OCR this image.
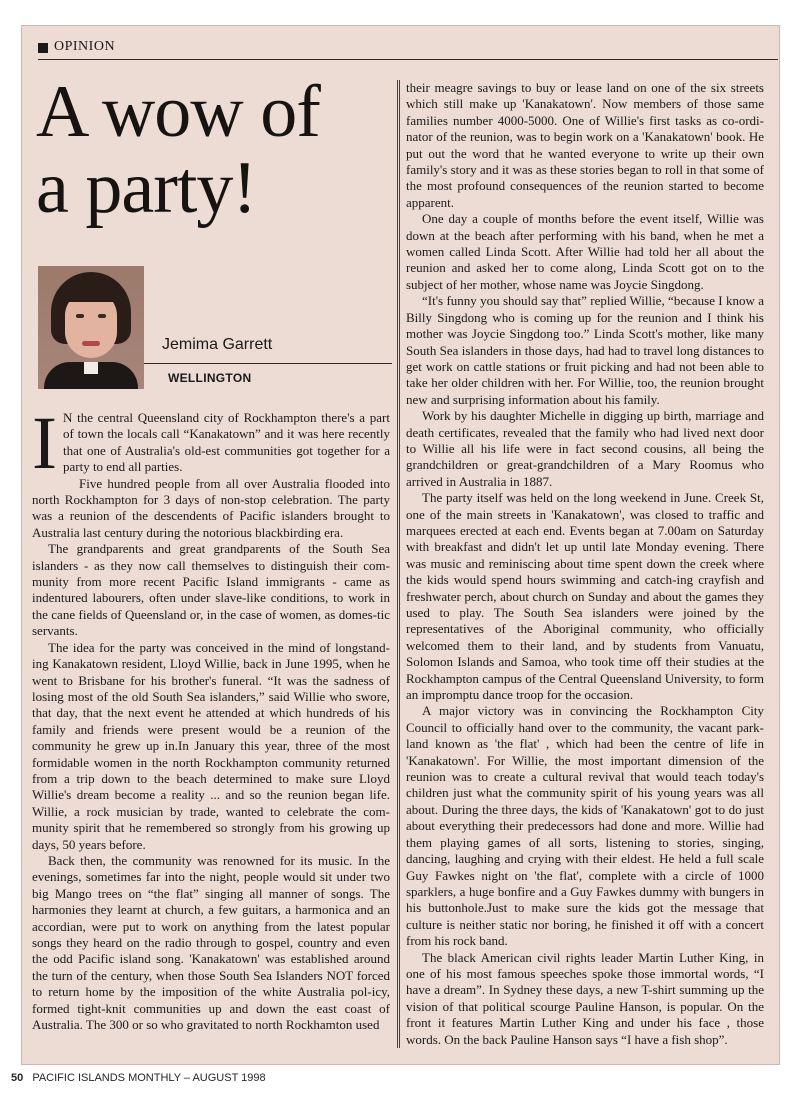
OPINION
A wow of
a party!
Jemima Garrett
WELLINGTON

I N the central Queensland city of Rockhampton there's a part of town the locals call “Kanakatown” and it was here recently that one of Australia's old-est communities got together for a party to end all parties.

Five hundred people from all over Australia flooded into north Rockhampton for 3 days of non-stop celebration. The party was a reunion of the descendents of Pacific islanders brought to Australia last century during the notorious blackbirding era.

The grandparents and great grandparents of the South Sea islanders - as they now call themselves to distinguish their com-munity from more recent Pacific Island immigrants - came as indentured labourers, often under slave-like conditions, to work in the cane fields of Queensland or, in the case of women, as domes-tic servants.

The idea for the party was conceived in the mind of longstand-ing Kanakatown resident, Lloyd Willie, back in June 1995, when he went to Brisbane for his brother's funeral. “It was the sadness of losing most of the old South Sea islanders,” said Willie who swore, that day, that the next event he attended at which hundreds of his family and friends were present would be a reunion of the community he grew up in.In January this year, three of the most formidable women in the north Rockhampton community returned from a trip down to the beach determined to make sure Lloyd Willie's dream become a reality ... and so the reunion began life. Willie, a rock musician by trade, wanted to celebrate the com-munity spirit that he remembered so strongly from his growing up days, 50 years before.

Back then, the community was renowned for its music. In the evenings, sometimes far into the night, people would sit under two big Mango trees on “the flat” singing all manner of songs. The harmonies they learnt at church, a few guitars, a harmonica and an accordian, were put to work on anything from the latest popular songs they heard on the radio through to gospel, country and even the odd Pacific island song. 'Kanakatown' was established around the turn of the century, when those South Sea Islanders NOT forced to return home by the imposition of the white Australia pol-icy, formed tight-knit communities up and down the east coast of Australia. The 300 or so who gravitated to north Rockhamton used

their meagre savings to buy or lease land on one of the six streets which still make up 'Kanakatown'. Now members of those same families number 4000-5000. One of Willie's first tasks as co-ordi-nator of the reunion, was to begin work on a 'Kanakatown' book. He put out the word that he wanted everyone to write up their own family's story and it was as these stories began to roll in that some of the most profound consequences of the reunion started to become apparent.

One day a couple of months before the event itself, Willie was down at the beach after performing with his band, when he met a women called Linda Scott. After Willie had told her all about the reunion and asked her to come along, Linda Scott got on to the subject of her mother, whose name was Joycie Singdong.

“It's funny you should say that” replied Willie, “because I know a Billy Singdong who is coming up for the reunion and I think his mother was Joycie Singdong too.” Linda Scott's mother, like many South Sea islanders in those days, had had to travel long distances to get work on cattle stations or fruit picking and had not been able to take her older children with her. For Willie, too, the reunion brought new and surprising information about his family.

Work by his daughter Michelle in digging up birth, marriage and death certificates, revealed that the family who had lived next door to Willie all his life were in fact second cousins, all being the grandchildren or great-grandchildren of a Mary Roomus who arrived in Australia in 1887.

The party itself was held on the long weekend in June. Creek St, one of the main streets in 'Kanakatown', was closed to traffic and marquees erected at each end. Events began at 7.00am on Saturday with breakfast and didn't let up until late Monday evening. There was music and reminiscing about time spent down the creek where the kids would spend hours swimming and catch-ing crayfish and freshwater perch, about church on Sunday and about the games they used to play. The South Sea islanders were joined by the representatives of the Aboriginal community, who officially welcomed them to their land, and by students from Vanuatu, Solomon Islands and Samoa, who took time off their studies at the Rockhampton campus of the Central Queensland University, to form an impromptu dance troop for the occasion.

A major victory was in convincing the Rockhampton City Council to officially hand over to the community, the vacant park-land known as 'the flat' , which had been the centre of life in 'Kanakatown'. For Willie, the most important dimension of the reunion was to create a cultural revival that would teach today's children just what the community spirit of his young years was all about. During the three days, the kids of 'Kanakatown' got to do just about everything their predecessors had done and more. Willie had them playing games of all sorts, listening to stories, singing, dancing, laughing and crying with their eldest. He held a full scale Guy Fawkes night on 'the flat', complete with a circle of 1000 sparklers, a huge bonfire and a Guy Fawkes dummy with bungers in his buttonhole.Just to make sure the kids got the message that culture is neither static nor boring, he finished it off with a concert from his rock band.

The black American civil rights leader Martin Luther King, in one of his most famous speeches spoke those immortal words, “I have a dream”. In Sydney these days, a new T-shirt summing up the vision of that political scourge Pauline Hanson, is popular. On the front it features Martin Luther King and under his face , those words. On the back Pauline Hanson says “I have a fish shop”.

50 PACIFIC ISLANDS MONTHLY – AUGUST 1998
